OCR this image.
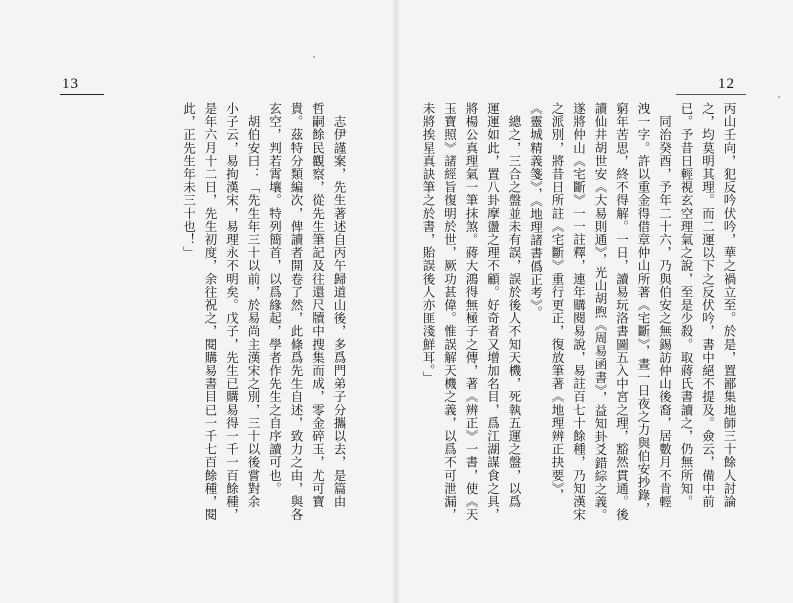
13
　志伊謹案，先生著述自丙午歸道山後，多爲門弟子分攜以去，是篇由
哲嗣餘民觀察，從先生筆記及往還尺牘中搜集而成，零金碎玉，尤可寶
貴。茲特分類編次，俾讀者開卷了然，此條爲先生自述，致力之由，與各
玄空，判若霄壤。特列簡首，以爲緣起，學者作先生之自序讀可也。
　胡伯安曰：「先生年三十以前，於易尚主漢宋之別，三十以後嘗對余
小子云，易拘漢宋，易理永不明矣。戊子，先生已購易得一千一百餘種，
是年六月十二日，先生初度，余往祝之，閱購易書目已一千七百餘種，閱
此，正先生年未三十也！」
12
丙山壬向，犯反吟伏吟，華之禍立至。於是，置鄙集地師三十餘人討論
之，均莫明其理。而二運以下之反伏吟，書中絕不提及。僉云，備中前
已。予昔日輕視玄空理氣之說，至是少殺。取蔣氏書讀之，仍無所知。
　同治癸酉，予年二十六，乃與伯安之無錫訪仲山後裔，居數月不肯輕
洩一字。許以重金得借章仲山所著《宅斷》，晝一日夜之力與伯安抄錄，
窮年苦思，終不得解。一日，讀易玩洛書圖五入中宮之理，豁然貫通。後
讀仙井胡世安《大易則通》，光山胡煦《周易函書》，益知卦爻錯綜之義。
遂將仲山《宅斷》一一註釋，連年購閱易說，易註百七十餘種，乃知漢宋
之派別，將昔日所註《宅斷》重行更正，復放筆著《地理辨正抉要》，
《靈城精義箋》，《地理諸書僞正考》。
　總之，三合之盤並未有誤，誤於後人不知天機，死執五運之盤，以爲
運運如此，置八卦摩盪之理不顧。好奇者又增加名目，爲江湖謀食之具，
將楊公真理氣一筆抹煞。蔣大鴻得無極子之傳，著《辨正》一書，使《天
玉寶照》諸經旨復明於世，厥功甚偉。惟誤解天機之義，以爲不可泄漏，
未將挨星真訣筆之於書，貽誤後人亦匪淺鮮耳。」
